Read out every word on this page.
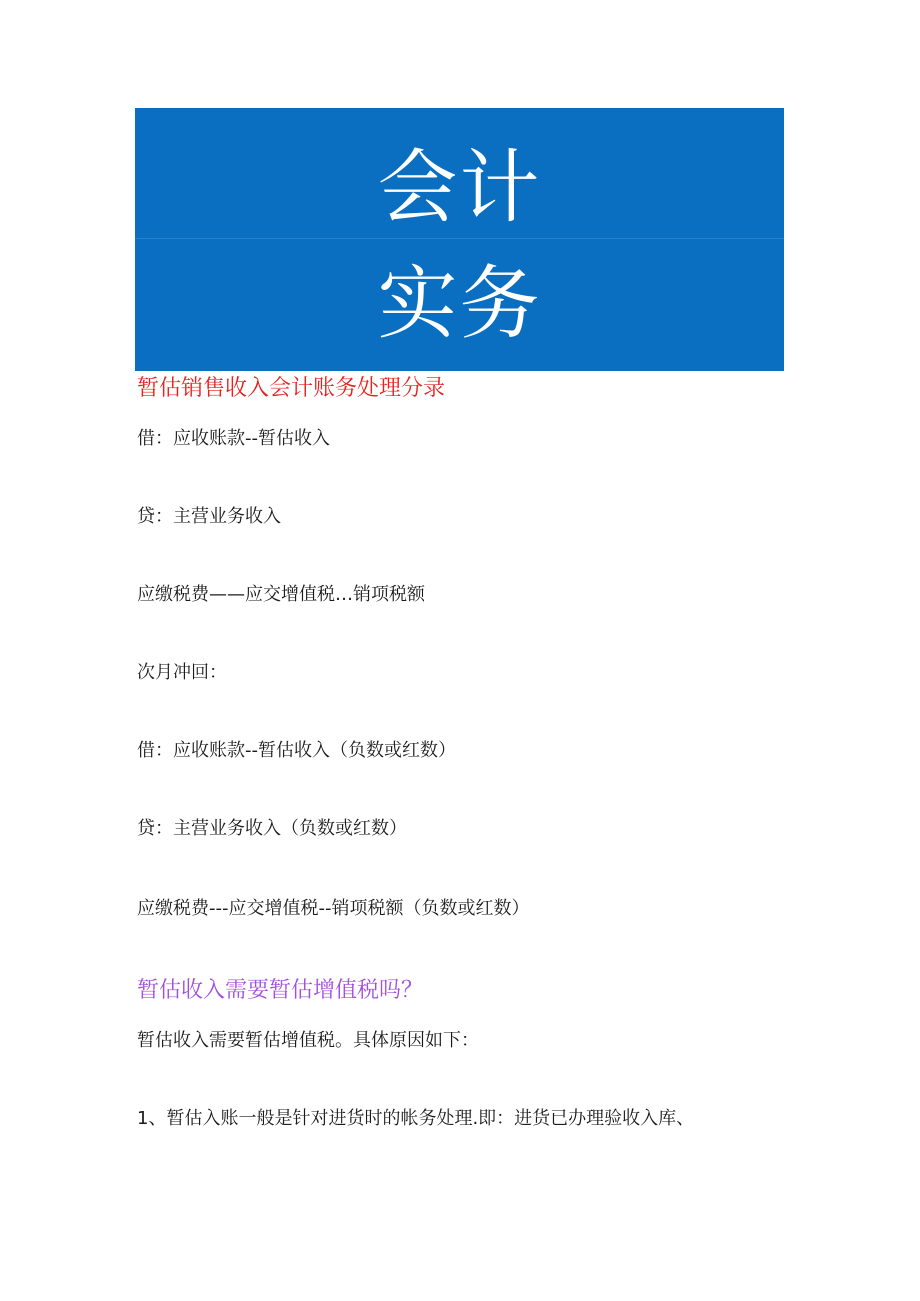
会计
实务
暂估销售收入会计账务处理分录
借：应收账款--暂估收入
贷：主营业务收入
应缴税费——应交增值税…销项税额
次月冲回：
借：应收账款--暂估收入（负数或红数）
贷：主营业务收入（负数或红数）
应缴税费---应交增值税--销项税额（负数或红数）
暂估收入需要暂估增值税吗？
暂估收入需要暂估增值税。具体原因如下：
1、暂估入账一般是针对进货时的帐务处理.即：进货已办理验收入库、
